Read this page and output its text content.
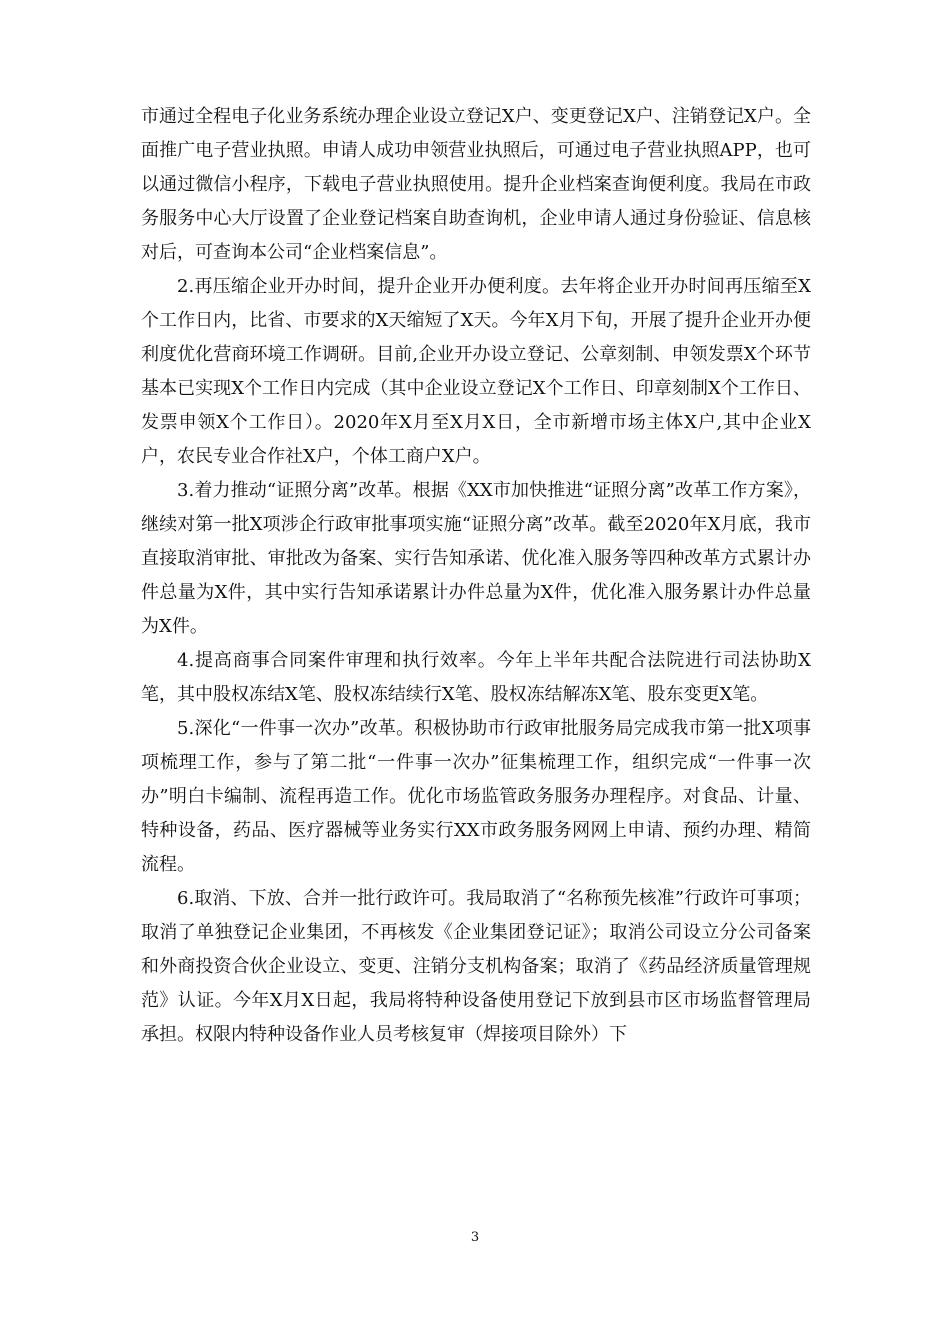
市通过全程电子化业务系统办理企业设立登记X户、变更登记X户、注销登记X户。全面推广电子营业执照。申请人成功申领营业执照后，可通过电子营业执照APP，也可以通过微信小程序，下载电子营业执照使用。提升企业档案查询便利度。我局在市政务服务中心大厅设置了企业登记档案自助查询机，企业申请人通过身份验证、信息核对后，可查询本公司“企业档案信息”。

2.再压缩企业开办时间，提升企业开办便利度。去年将企业开办时间再压缩至X个工作日内，比省、市要求的X天缩短了X天。今年X月下旬，开展了提升企业开办便利度优化营商环境工作调研。目前,企业开办设立登记、公章刻制、申领发票X个环节基本已实现X个工作日内完成（其中企业设立登记X个工作日、印章刻制X个工作日、发票申领X个工作日）。2020年X月至X月X日，全市新增市场主体X户,其中企业X户，农民专业合作社X户，个体工商户X户。

3.着力推动“证照分离”改革。根据《XX市加快推进“证照分离”改革工作方案》，继续对第一批X项涉企行政审批事项实施“证照分离”改革。截至2020年X月底，我市直接取消审批、审批改为备案、实行告知承诺、优化准入服务等四种改革方式累计办件总量为X件，其中实行告知承诺累计办件总量为X件，优化准入服务累计办件总量为X件。

4.提高商事合同案件审理和执行效率。今年上半年共配合法院进行司法协助X笔，其中股权冻结X笔、股权冻结续行X笔、股权冻结解冻X笔、股东变更X笔。

5.深化“一件事一次办”改革。积极协助市行政审批服务局完成我市第一批X项事项梳理工作，参与了第二批“一件事一次办”征集梳理工作，组织完成“一件事一次办”明白卡编制、流程再造工作。优化市场监管政务服务办理程序。对食品、计量、特种设备，药品、医疗器械等业务实行XX市政务服务网网上申请、预约办理、精简流程。

6.取消、下放、合并一批行政许可。我局取消了“名称预先核准”行政许可事项；取消了单独登记企业集团，不再核发《企业集团登记证》；取消公司设立分公司备案和外商投资合伙企业设立、变更、注销分支机构备案；取消了《药品经济质量管理规范》认证。今年X月X日起，我局将特种设备使用登记下放到县市区市场监督管理局承担。权限内特种设备作业人员考核复审（焊接项目除外）下

3
